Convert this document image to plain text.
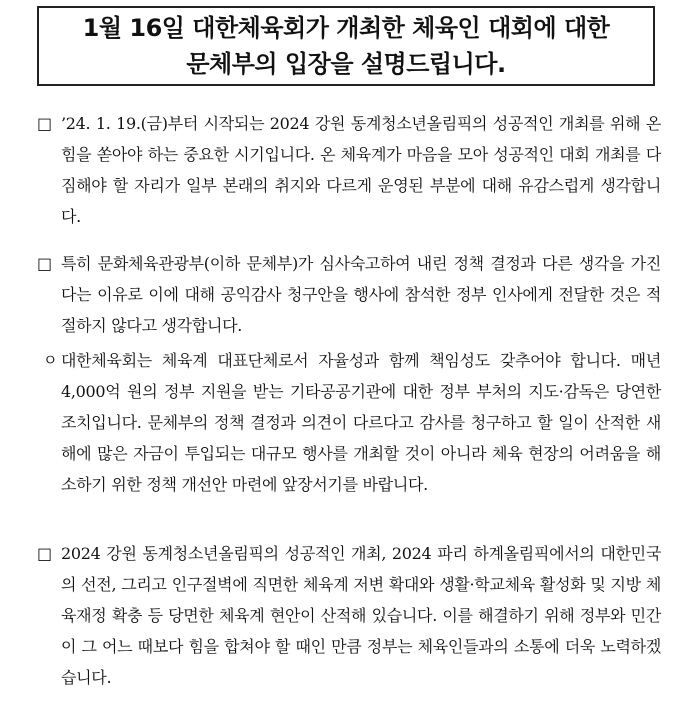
1월 16일 대한체육회가 개최한 체육인 대회에 대한
문체부의 입장을 설명드립니다.
□ ’24. 1. 19.(금)부터 시작되는 2024 강원 동계청소년올림픽의 성공적인 개최를 위해 온 힘을 쏟아야 하는 중요한 시기입니다. 온 체육계가 마음을 모아 성공적인 대회 개최를 다짐해야 할 자리가 일부 본래의 취지와 다르게 운영된 부분에 대해 유감스럽게 생각합니다.
□ 특히 문화체육관광부(이하 문체부)가 심사숙고하여 내린 정책 결정과 다른 생각을 가진다는 이유로 이에 대해 공익감사 청구안을 행사에 참석한 정부 인사에게 전달한 것은 적절하지 않다고 생각합니다.
ㅇ 대한체육회는 체육계 대표단체로서 자율성과 함께 책임성도 갖추어야 합니다. 매년 4,000억 원의 정부 지원을 받는 기타공공기관에 대한 정부 부처의 지도·감독은 당연한 조치입니다. 문체부의 정책 결정과 의견이 다르다고 감사를 청구하고 할 일이 산적한 새해에 많은 자금이 투입되는 대규모 행사를 개최할 것이 아니라 체육 현장의 어려움을 해소하기 위한 정책 개선안 마련에 앞장서기를 바랍니다.
□ 2024 강원 동계청소년올림픽의 성공적인 개최, 2024 파리 하계올림픽에서의 대한민국의 선전, 그리고 인구절벽에 직면한 체육계 저변 확대와 생활·학교체육 활성화 및 지방 체육재정 확충 등 당면한 체육계 현안이 산적해 있습니다. 이를 해결하기 위해 정부와 민간이 그 어느 때보다 힘을 합쳐야 할 때인 만큼 정부는 체육인들과의 소통에 더욱 노력하겠습니다.
